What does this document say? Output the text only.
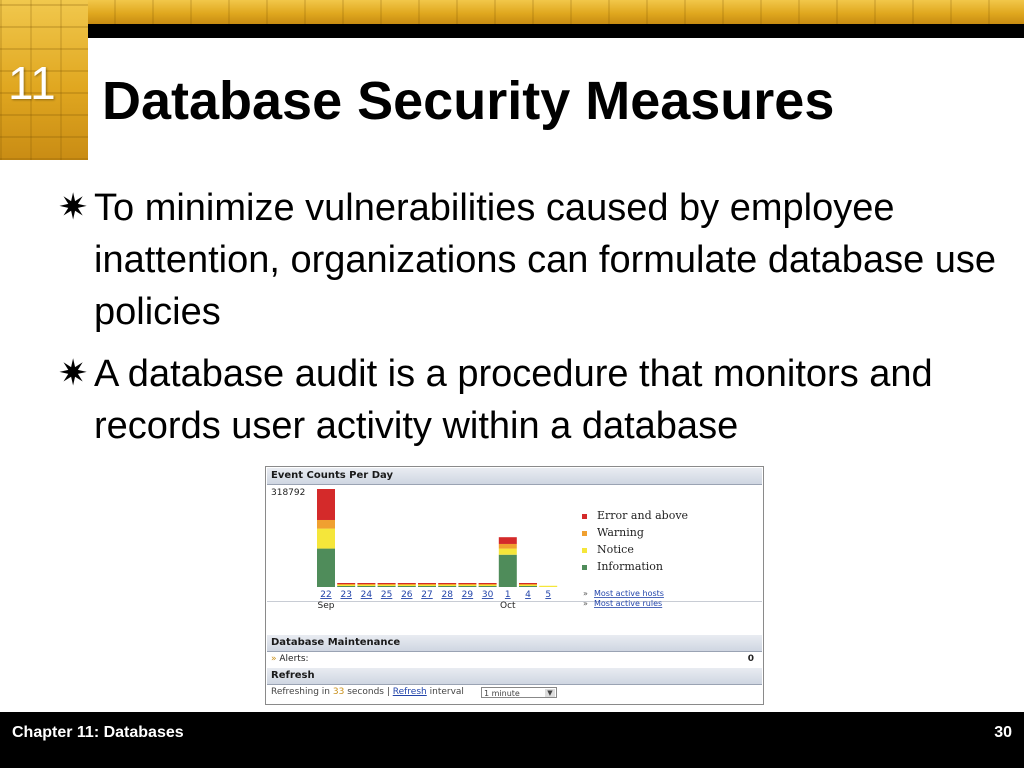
11 Database Security Measures
✷ To minimize vulnerabilities caused by employee inattention, organizations can formulate database use policies
✷ A database audit is a procedure that monitors and records user activity within a database
Event Counts Per Day
318792
22 23 24 25 26 27 28 29 30 1 4 5
Sep	Oct
Error and above
Warning
Notice
Information
» Most active hosts
» Most active rules
Database Maintenance
» Alerts:	0
Refresh
Refreshing in 33 seconds | Refresh interval	1 minute	▼
Chapter 11: Databases	30
